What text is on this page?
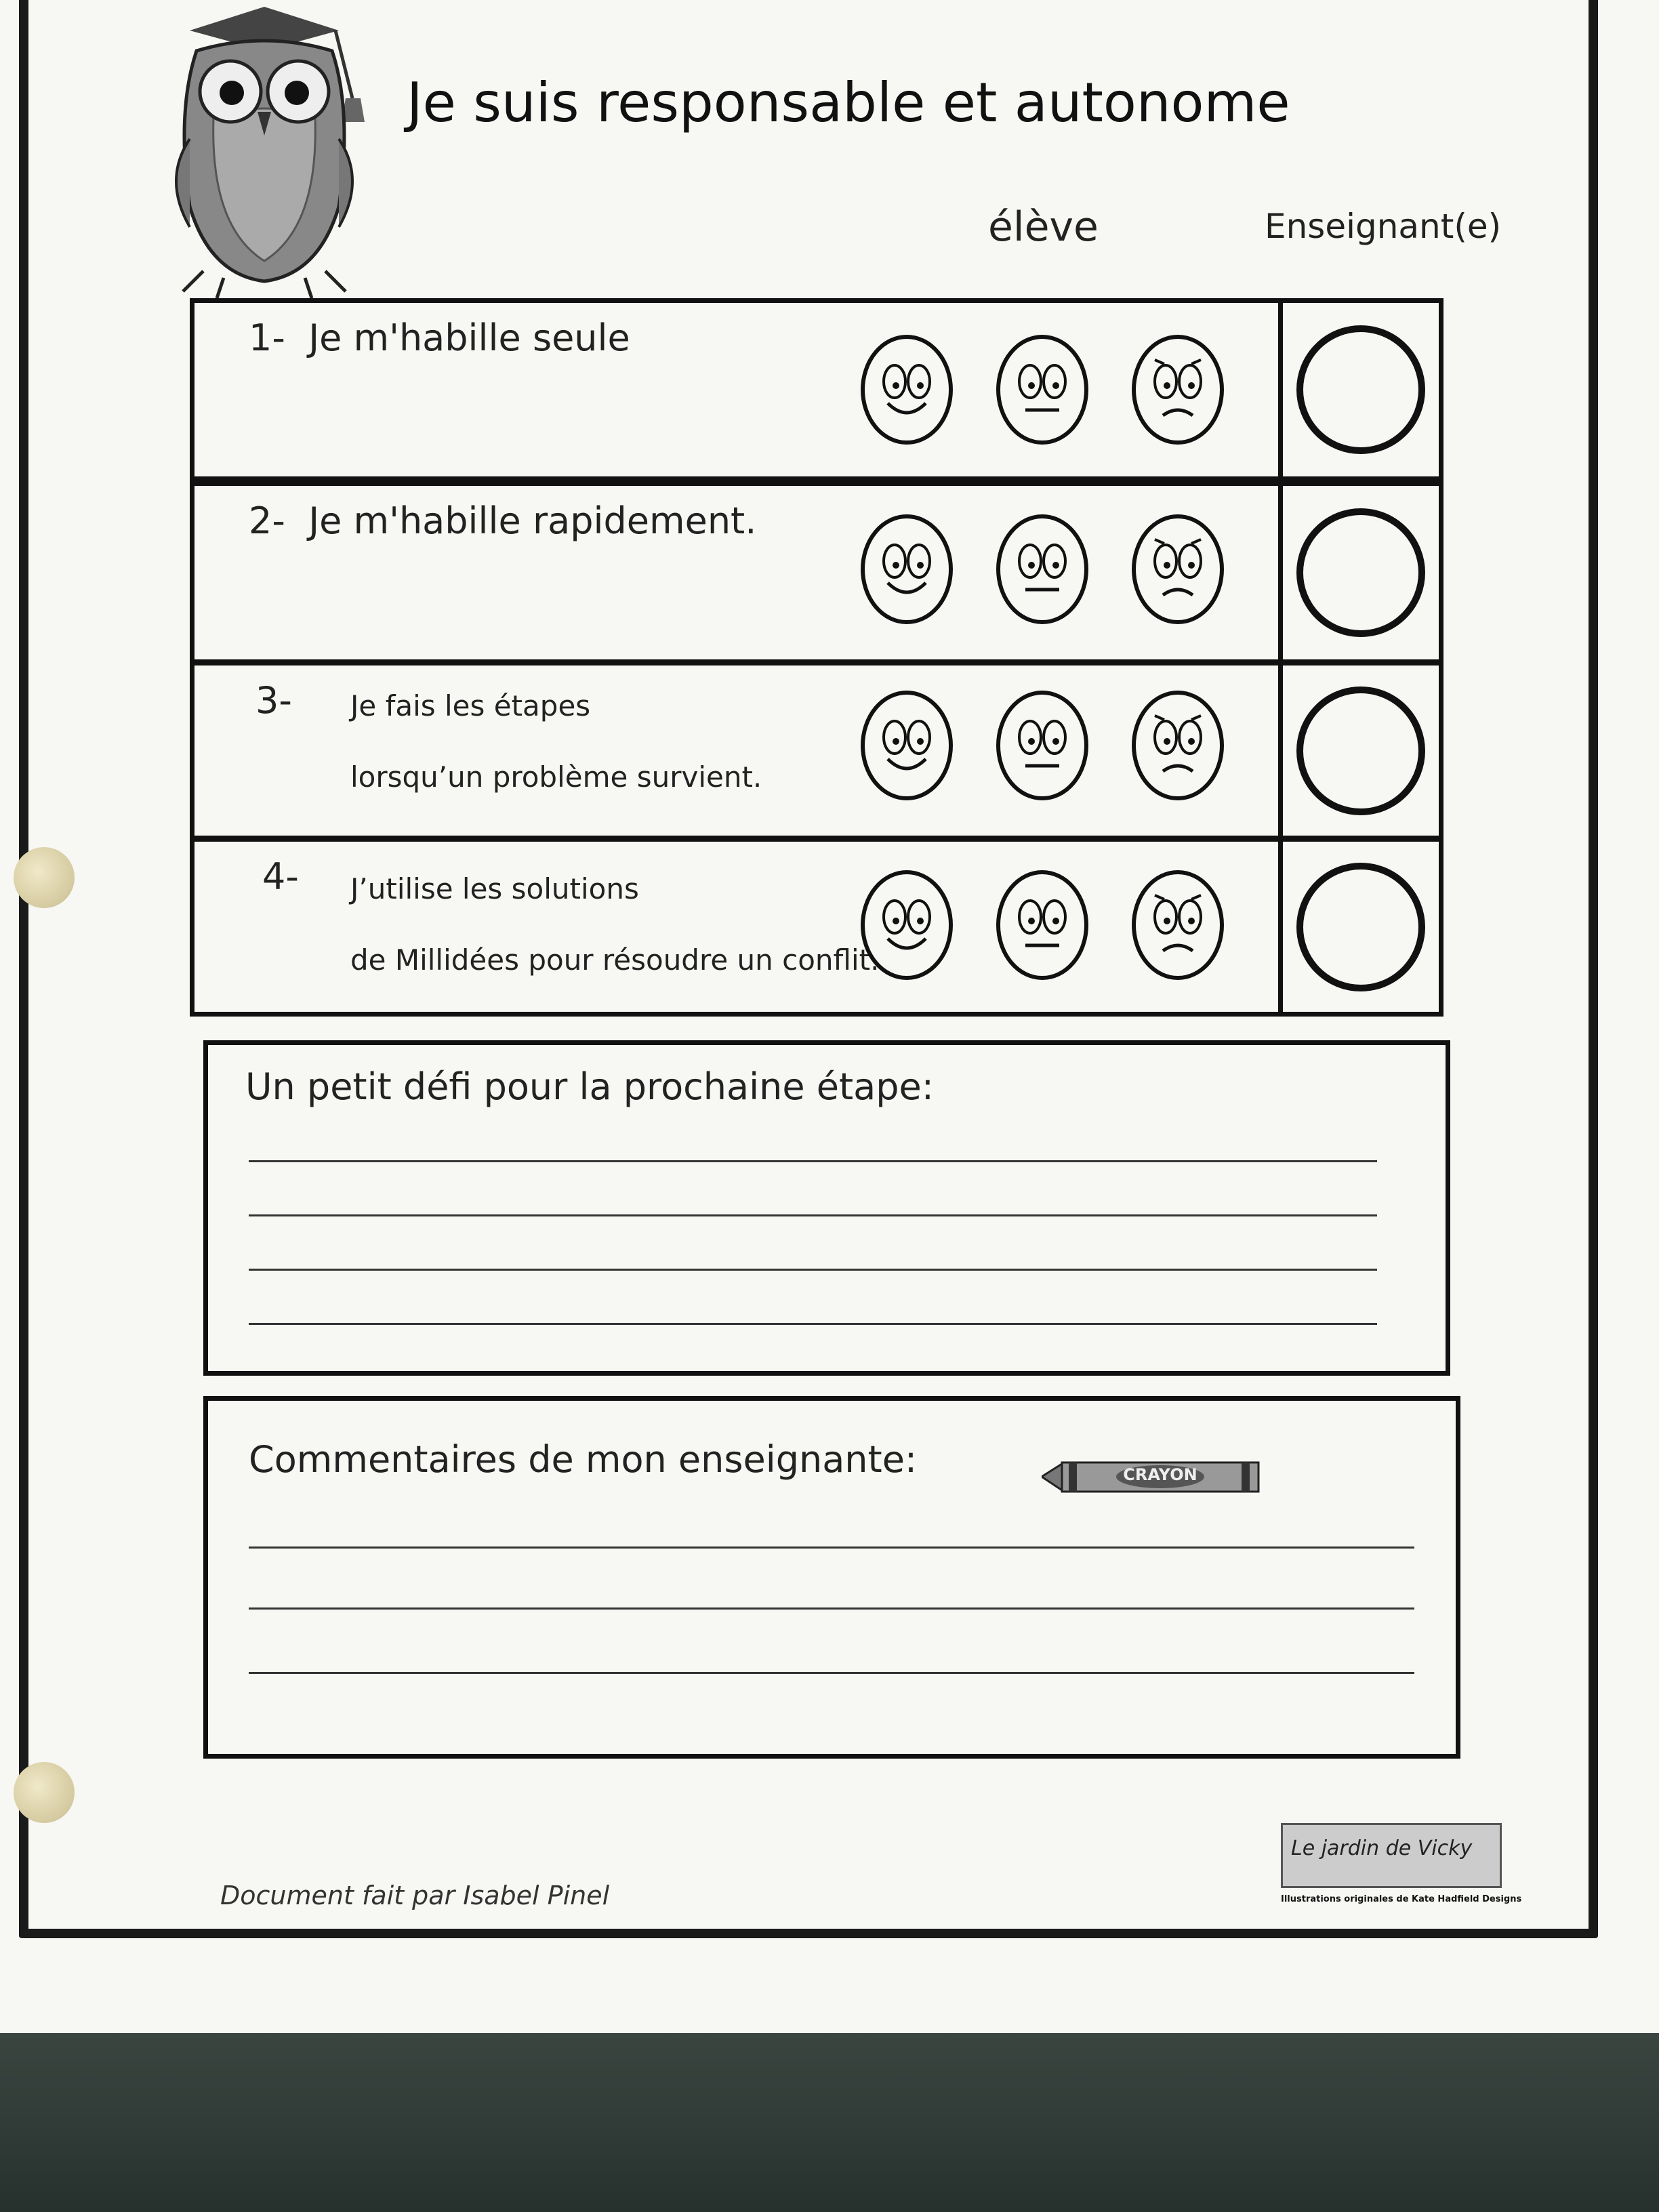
Je suis responsable et autonome
élève	Enseignant(e)
1- Je m'habille seule
2- Je m'habille rapidement.
3- Je fais les étapes
lorsqu’un problème survient.
4- J’utilise les solutions
de Millidées pour résoudre un conflit.
Un petit défi pour la prochaine étape:
Commentaires de mon enseignante:	CRAYON
Document fait par Isabel Pinel
Le jardin de Vicky
Illustrations originales de Kate Hadfield Designs
